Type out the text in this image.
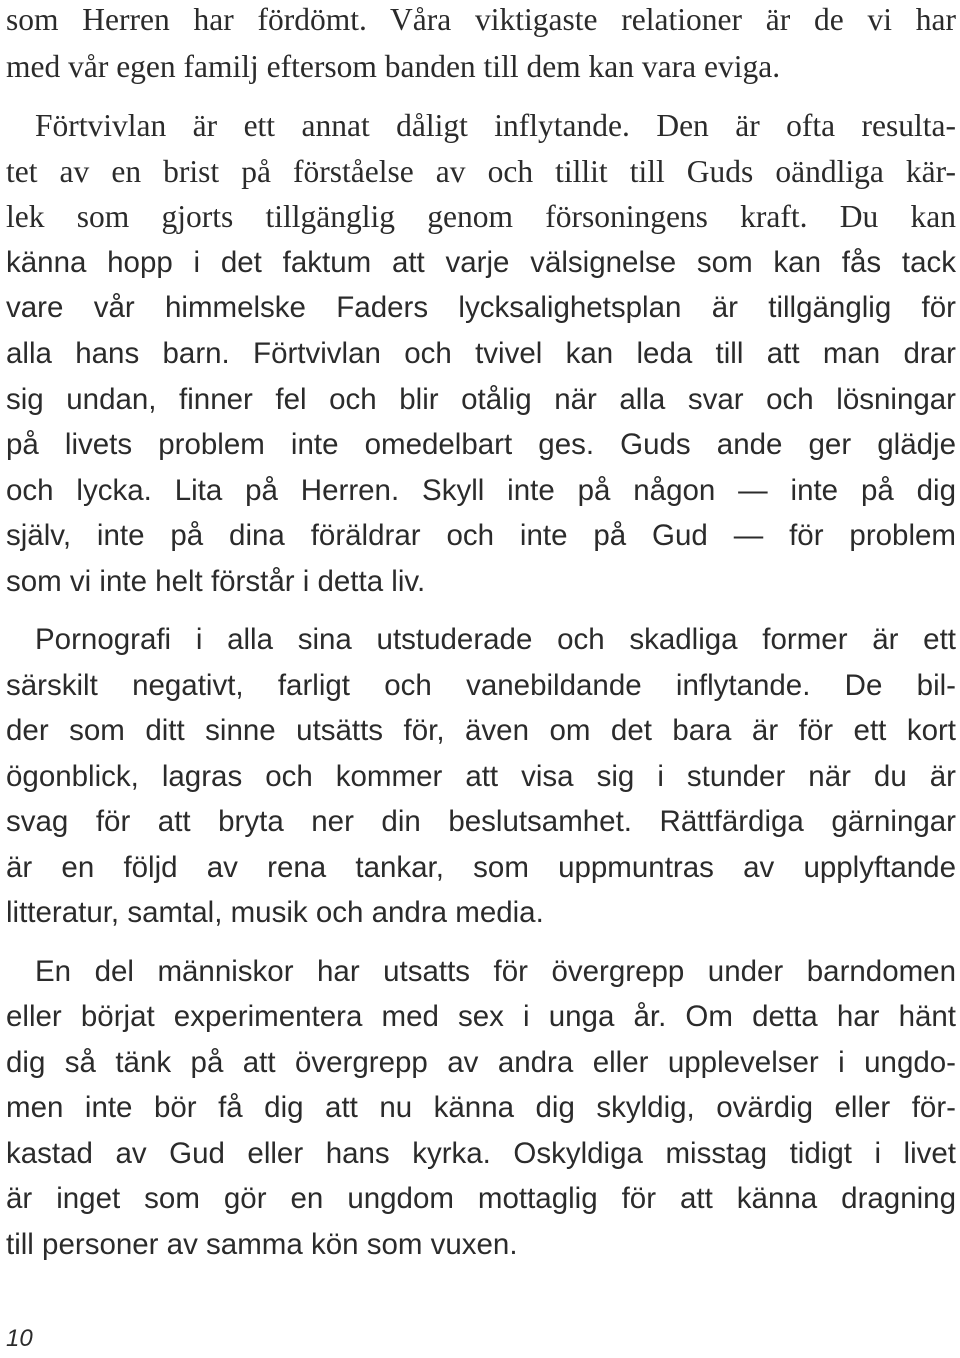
som Herren har fördömt. Våra viktigaste relationer är de vi har
med vår egen familj eftersom banden till dem kan vara eviga.
Förtvivlan är ett annat dåligt inflytande. Den är ofta resulta-
tet av en brist på förståelse av och tillit till Guds oändliga kär-
lek som gjorts tillgänglig genom försoningens kraft. Du kan
känna hopp i det faktum att varje välsignelse som kan fås tack
vare vår himmelske Faders lycksalighetsplan är tillgänglig för
alla hans barn. Förtvivlan och tvivel kan leda till att man drar
sig undan, finner fel och blir otålig när alla svar och lösningar
på livets problem inte omedelbart ges. Guds ande ger glädje
och lycka. Lita på Herren. Skyll inte på någon — inte på dig
själv, inte på dina föräldrar och inte på Gud — för problem
som vi inte helt förstår i detta liv.
Pornografi i alla sina utstuderade och skadliga former är ett
särskilt negativt, farligt och vanebildande inflytande. De bil-
der som ditt sinne utsätts för, även om det bara är för ett kort
ögonblick, lagras och kommer att visa sig i stunder när du är
svag för att bryta ner din beslutsamhet. Rättfärdiga gärningar
är en följd av rena tankar, som uppmuntras av upplyftande
litteratur, samtal, musik och andra media.
En del människor har utsatts för övergrepp under barndomen
eller börjat experimentera med sex i unga år. Om detta har hänt
dig så tänk på att övergrepp av andra eller upplevelser i ungdo-
men inte bör få dig att nu känna dig skyldig, ovärdig eller för-
kastad av Gud eller hans kyrka. Oskyldiga misstag tidigt i livet
är inget som gör en ungdom mottaglig för att känna dragning
till personer av samma kön som vuxen.
10
